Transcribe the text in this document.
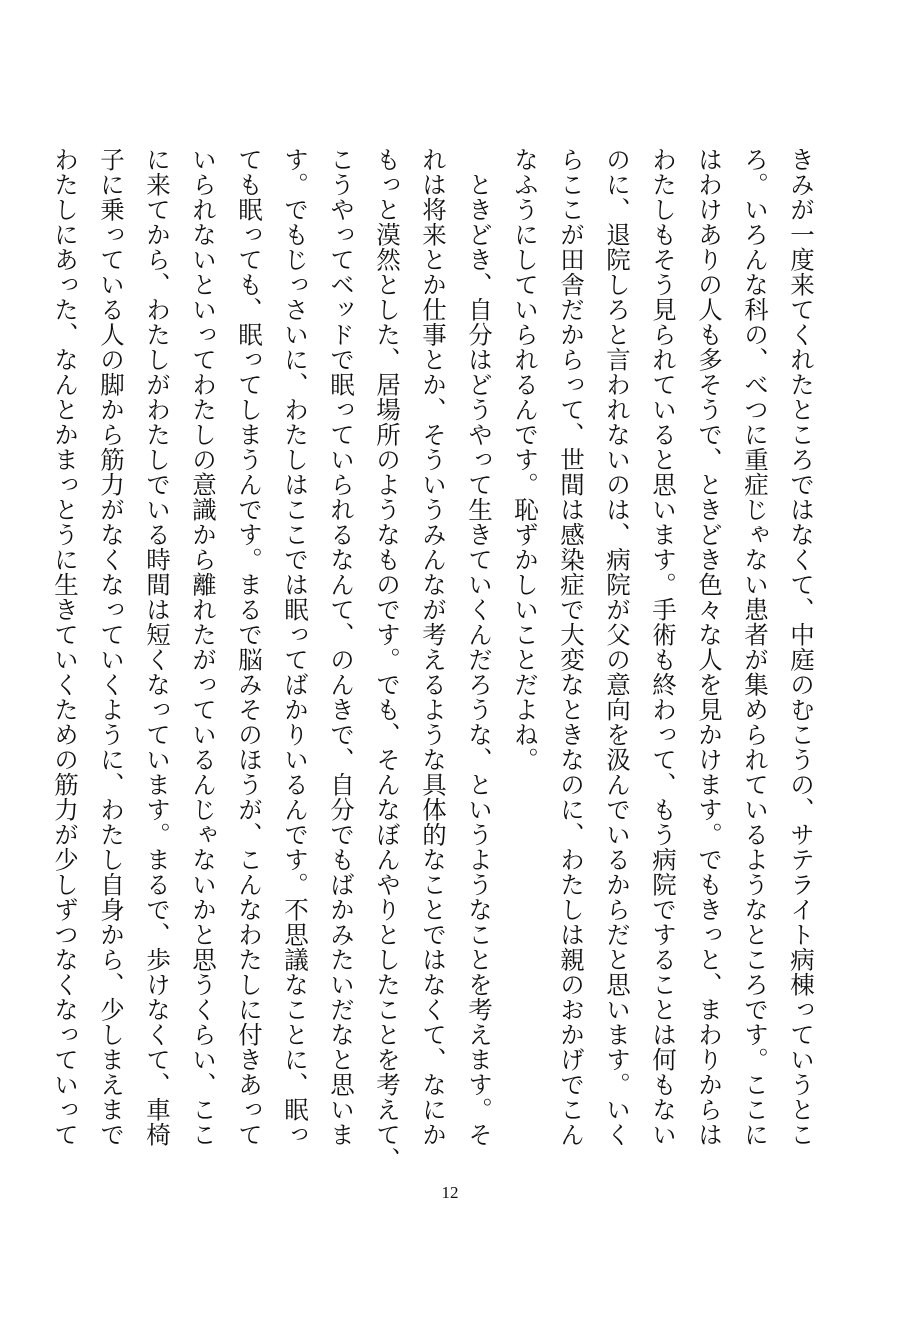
きみが一度来てくれたところではなくて、中庭のむこうの、サテライト病棟っていうとこ
ろ。いろんな科の、べつに重症じゃない患者が集められているようなところです。ここに
はわけありの人も多そうで、ときどき色々な人を見かけます。でもきっと、まわりからは
わたしもそう見られていると思います。手術も終わって、もう病院ですることは何もない
のに、退院しろと言われないのは、病院が父の意向を汲んでいるからだと思います。いく
らここが田舎だからって、世間は感染症で大変なときなのに、わたしは親のおかげでこん
なふうにしていられるんです。恥ずかしいことだよね。
　ときどき、自分はどうやって生きていくんだろうな、というようなことを考えます。そ
れは将来とか仕事とか、そういうみんなが考えるような具体的なことではなくて、なにか
もっと漠然とした、居場所のようなものです。でも、そんなぼんやりとしたことを考えて、
こうやってベッドで眠っていられるなんて、のんきで、自分でもばかみたいだなと思いま
す。でもじっさいに、わたしはここでは眠ってばかりいるんです。不思議なことに、眠っ
ても眠っても、眠ってしまうんです。まるで脳みそのほうが、こんなわたしに付きあって
いられないといってわたしの意識から離れたがっているんじゃないかと思うくらい、ここ
に来てから、わたしがわたしでいる時間は短くなっています。まるで、歩けなくて、車椅
子に乗っている人の脚から筋力がなくなっていくように、わたし自身から、少しまえまで
わたしにあった、なんとかまっとうに生きていくための筋力が少しずつなくなっていって
12
